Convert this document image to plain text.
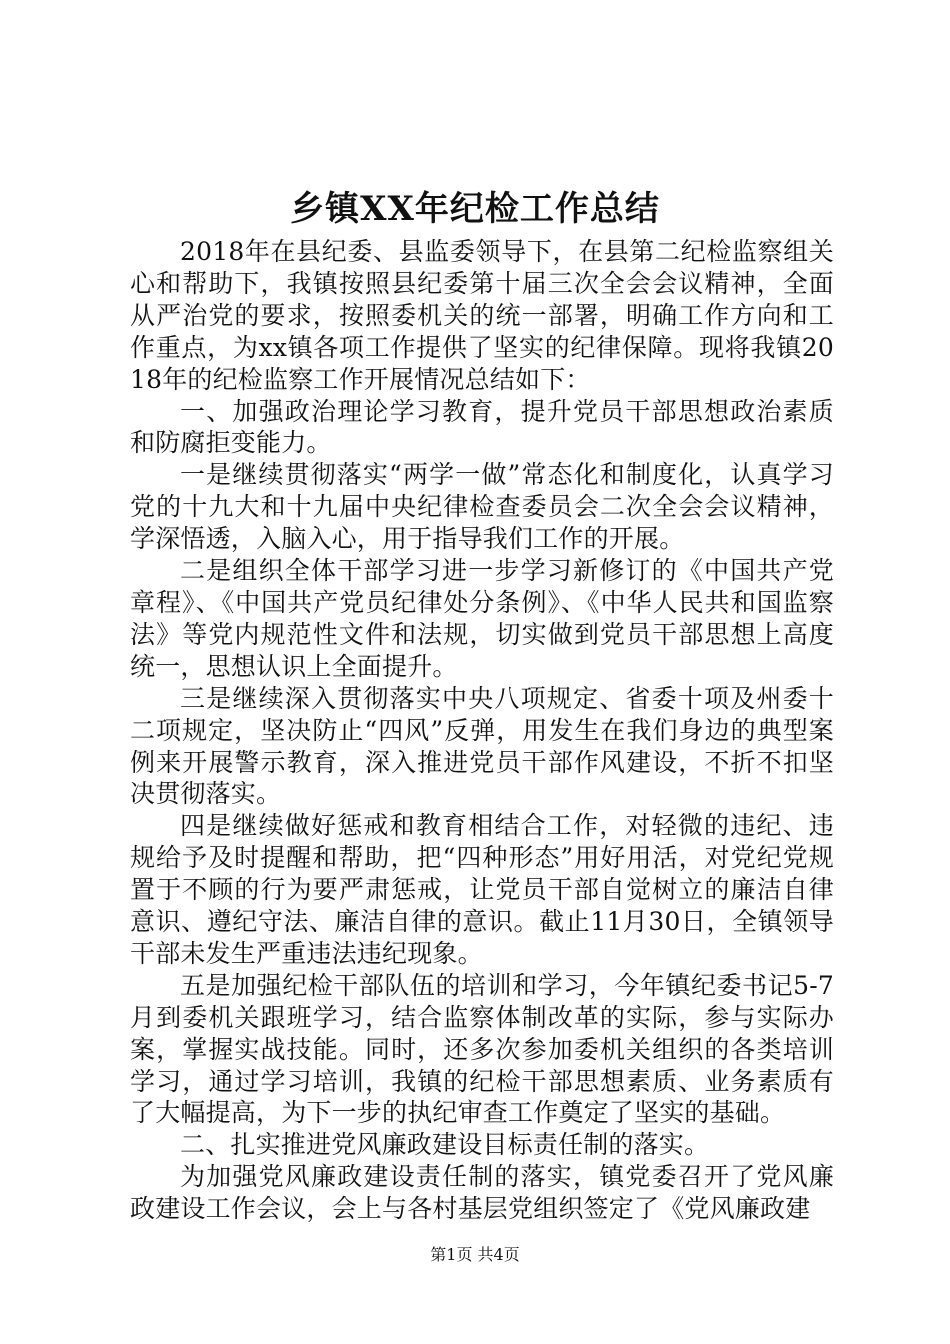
乡镇XX年纪检工作总结

2018年在县纪委、县监委领导下，在县第二纪检监察组关心和帮助下，我镇按照县纪委第十届三次全会会议精神，全面从严治党的要求，按照委机关的统一部署，明确工作方向和工作重点，为xx镇各项工作提供了坚实的纪律保障。现将我镇2018年的纪检监察工作开展情况总结如下：

一、加强政治理论学习教育，提升党员干部思想政治素质和防腐拒变能力。

一是继续贯彻落实“两学一做”常态化和制度化，认真学习党的十九大和十九届中央纪律检查委员会二次全会会议精神，学深悟透，入脑入心，用于指导我们工作的开展。

二是组织全体干部学习进一步学习新修订的《中国共产党章程》、《中国共产党员纪律处分条例》、《中华人民共和国监察法》等党内规范性文件和法规，切实做到党员干部思想上高度统一，思想认识上全面提升。

三是继续深入贯彻落实中央八项规定、省委十项及州委十二项规定，坚决防止“四风”反弹，用发生在我们身边的典型案例来开展警示教育，深入推进党员干部作风建设，不折不扣坚决贯彻落实。

四是继续做好惩戒和教育相结合工作，对轻微的违纪、违规给予及时提醒和帮助，把“四种形态”用好用活，对党纪党规置于不顾的行为要严肃惩戒，让党员干部自觉树立的廉洁自律意识、遵纪守法、廉洁自律的意识。截止11月30日，全镇领导干部未发生严重违法违纪现象。

五是加强纪检干部队伍的培训和学习，今年镇纪委书记5-7月到委机关跟班学习，结合监察体制改革的实际，参与实际办案，掌握实战技能。同时，还多次参加委机关组织的各类培训学习，通过学习培训，我镇的纪检干部思想素质、业务素质有了大幅提高，为下一步的执纪审查工作奠定了坚实的基础。

二、扎实推进党风廉政建设目标责任制的落实。

为加强党风廉政建设责任制的落实，镇党委召开了党风廉政建设工作会议，会上与各村基层党组织签定了《党风廉政建

第1页 共4页
